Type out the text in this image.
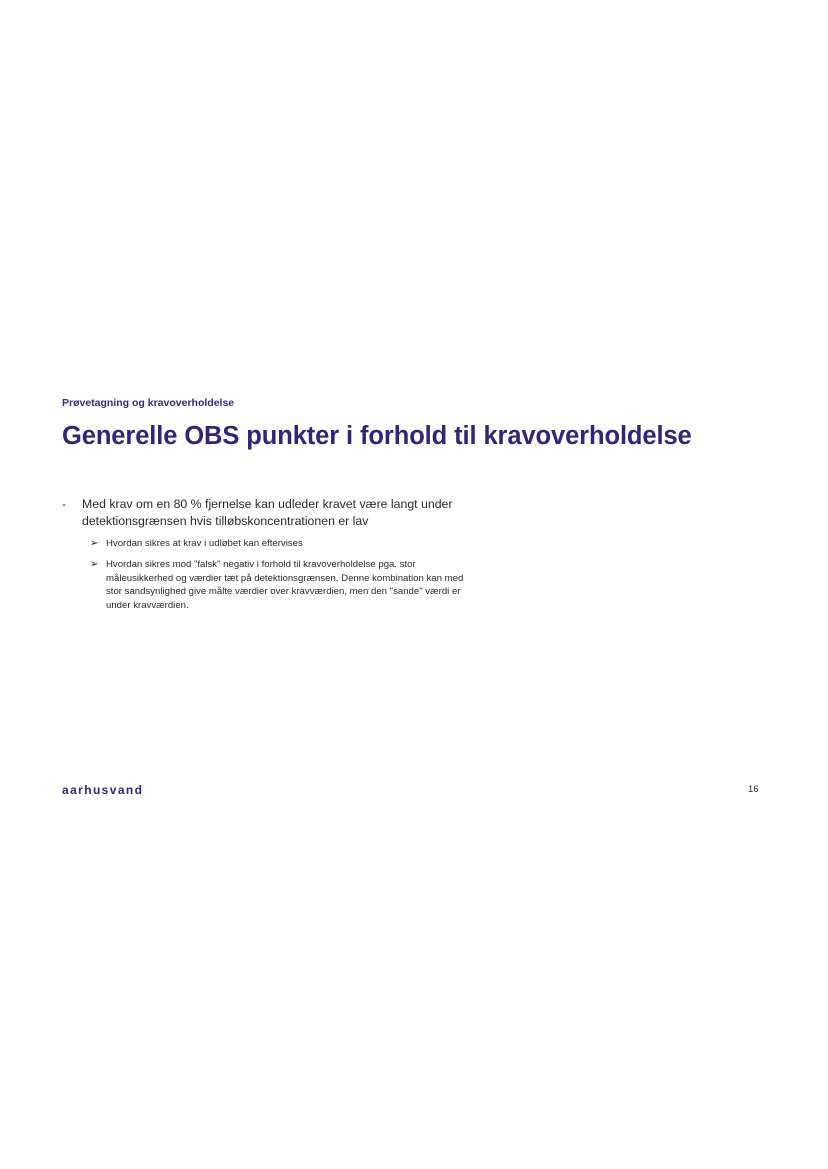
Prøvetagning og kravoverholdelse
Generelle OBS punkter i forhold til kravoverholdelse
- Med krav om en 80 % fjernelse kan udleder kravet være langt under detektionsgrænsen hvis tilløbskoncentrationen er lav
➢ Hvordan sikres at krav i udløbet kan eftervises
➢ Hvordan sikres mod "falsk" negativ i forhold til kravoverholdelse pga. stor måleusikkerhed og værdier tæt på detektionsgrænsen. Denne kombination kan med stor sandsynlighed give målte værdier over kravværdien, men den "sande" værdi er under kravværdien.
aarhusvand	16
